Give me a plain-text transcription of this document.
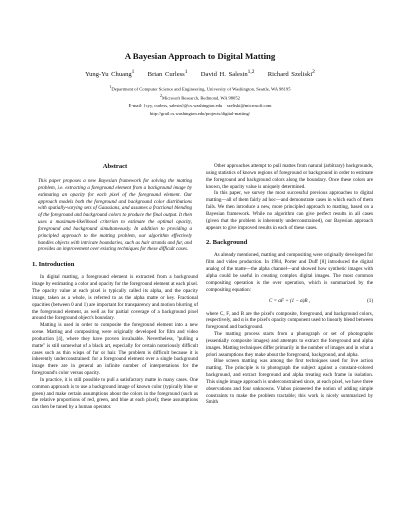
A Bayesian Approach to Digital Matting
Yung-Yu Chuang$^1$ Brian Curless$^1$ David H. Salesin$^{1,2}$ Richard Szeliski$^2$
$^1$Department of Computer Science and Engineering, University of Washington, Seattle, WA 98195
$^2$Microsoft Research, Redmond, WA 98052
E-mail: {cyy, curless, salesin}@cs.washington.edu    szeliski@microsoft.com
http://grail.cs.washington.edu/projects/digital-matting/
Abstract

This paper proposes a new Bayesian framework for solving the matting problem, i.e. extracting a foreground element from a background image by estimating an opacity for each pixel of the foreground element. Our approach models both the foreground and background color distributions with spatially-varying sets of Gaussians, and assumes a fractional blending of the foreground and background colors to produce the final output. It then uses a maximum-likelihood criterion to estimate the optimal opacity, foreground and background simultaneously. In addition to providing a principled approach to the matting problem, our algorithm effectively handles objects with intricate boundaries, such as hair strands and fur, and provides an improvement over existing techniques for these difficult cases.

1. Introduction

In digital matting, a foreground element is extracted from a background image by estimating a color and opacity for the foreground element at each pixel. The opacity value at each pixel is typically called its alpha, and the opacity image, taken as a whole, is referred to as the alpha matte or key. Fractional opacities (between 0 and 1) are important for transparency and motion blurring of the foreground element, as well as for partial coverage of a background pixel around the foreground object's boundary.

Matting is used in order to composite the foreground element into a new scene. Matting and compositing were originally developed for film and video production [4], where they have proven invaluable. Nevertheless, "pulling a matte" is still somewhat of a black art, especially for certain notoriously difficult cases such as thin wisps of fur or hair. The problem is difficult because it is inherently underconstrained: for a foreground element over a single background image there are in general an infinite number of interpretations for the foreground's color versus opacity.

In practice, it is still possible to pull a satisfactory matte in many cases. One common approach is to use a background image of known color (typically blue or green) and make certain assumptions about the colors in the foreground (such as the relative proportions of red, green, and blue at each pixel); these assumptions can then be tuned by a human operator.

Other approaches attempt to pull mattes from natural (arbitrary) backgrounds, using statistics of known regions of foreground or background in order to estimate the foreground and background colors along the boundary. Once these colors are known, the opacity value is uniquely determined.

In this paper, we survey the most successful previous approaches to digital matting—all of them fairly ad hoc—and demonstrate cases in which each of them fails. We then introduce a new, more principled approach to matting, based on a Bayesian framework. While no algorithm can give perfect results in all cases (given that the problem is inherently underconstrained), our Bayesian approach appears to give improved results in each of these cases.

2. Background

As already mentioned, matting and compositing were originally developed for film and video production. In 1984, Porter and Duff [8] introduced the digital analog of the matte—the alpha channel—and showed how synthetic images with alpha could be useful in creating complex digital images. The most common compositing operation is the over operation, which is summarized by the compositing equation:

C = αF + (1 − α)B ,	(1)

where C, F, and B are the pixel's composite, foreground, and background colors, respectively, and α is the pixel's opacity component used to linearly blend between foreground and background.

The matting process starts from a photograph or set of photographs (essentially composite images) and attempts to extract the foreground and alpha images. Matting techniques differ primarily in the number of images and in what a priori assumptions they make about the foreground, background, and alpha.

Blue screen matting was among the first techniques used for live action matting. The principle is to photograph the subject against a constant-colored background, and extract foreground and alpha treating each frame in isolation. This single image approach is underconstrained since, at each pixel, we have three observations and four unknowns. Vlahos pioneered the notion of adding simple constraints to make the problem tractable; this work is nicely summarized by Smith
